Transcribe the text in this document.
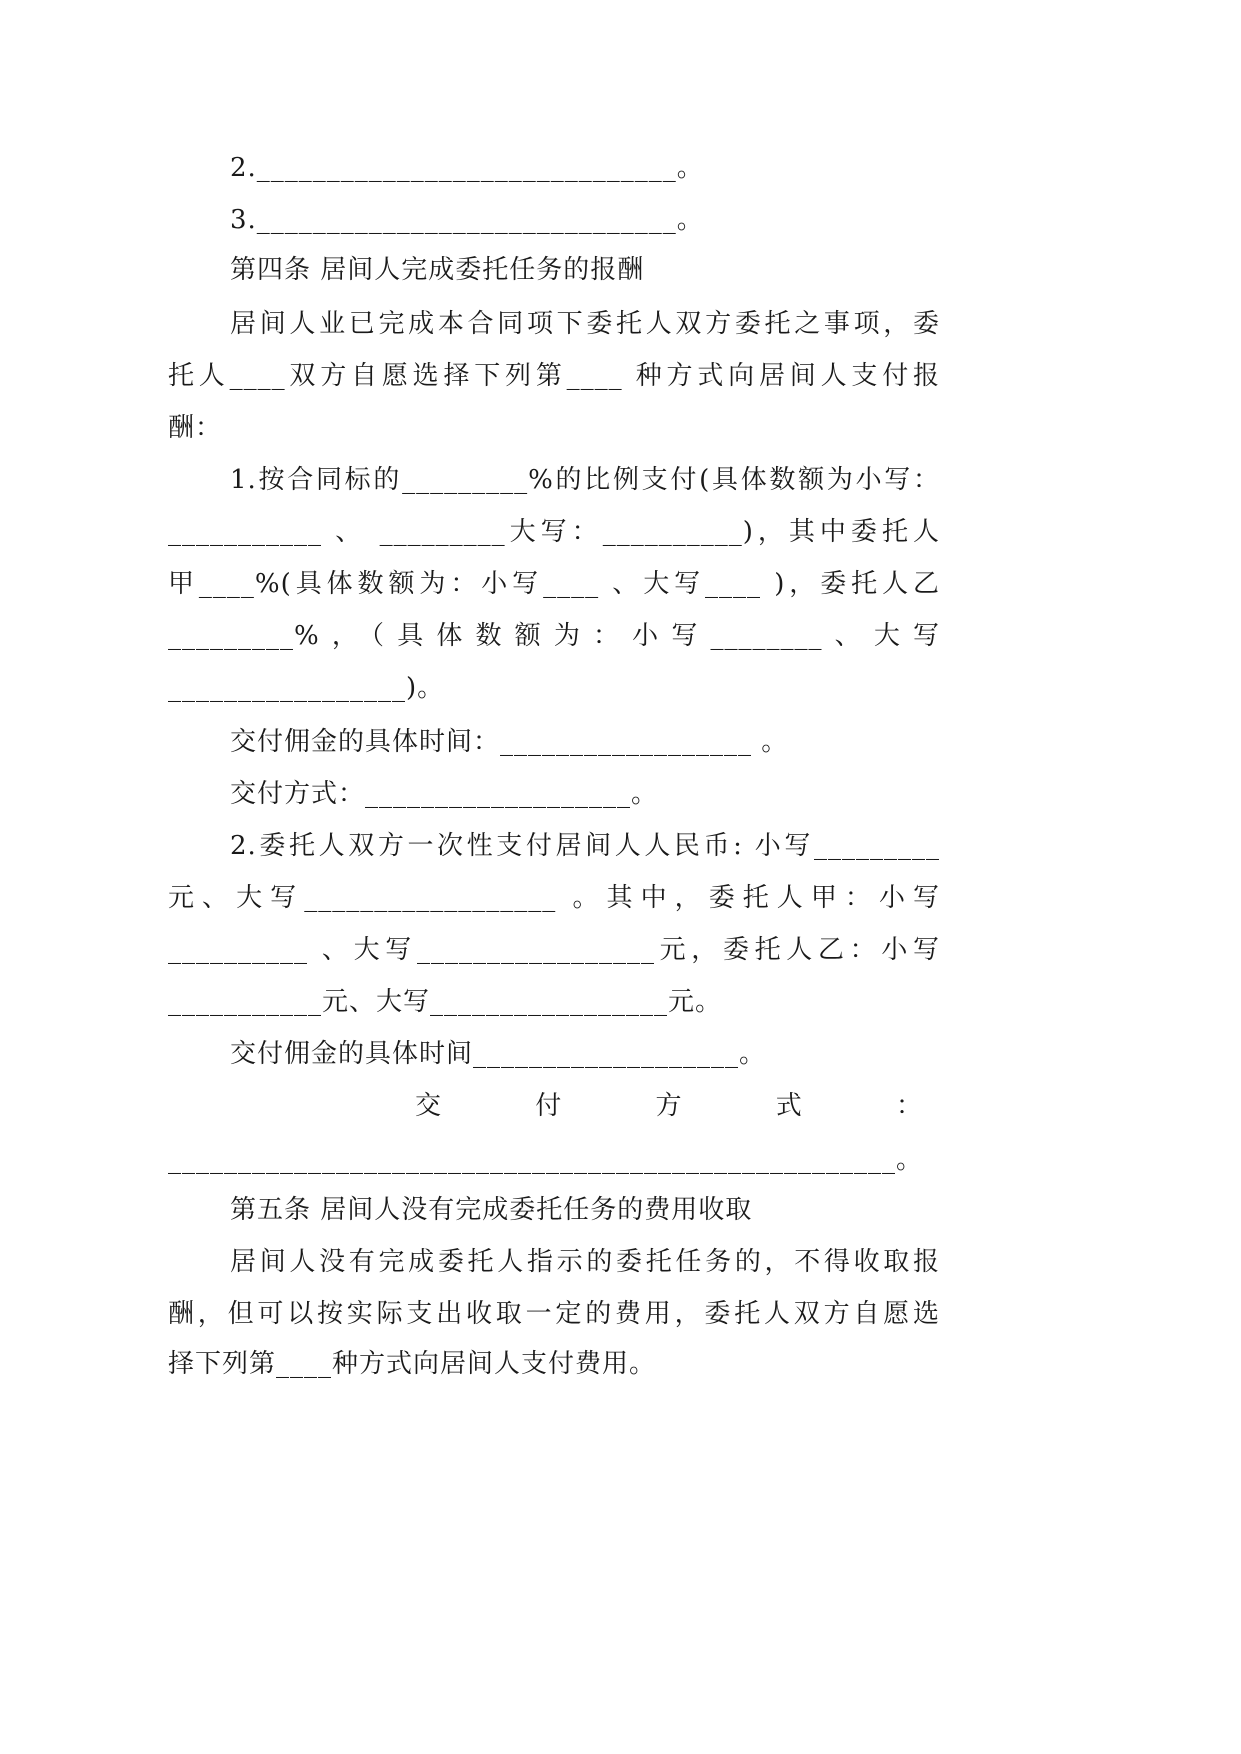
2.______________________________。
3.______________________________。
第四条 居间人完成委托任务的报酬
居间人业已完成本合同项下委托人双方委托之事项，委
托人____双方自愿选择下列第____ 种方式向居间人支付报
酬：
1.按合同标的_________%的比例支付(具体数额为小写：
___________ 、 _________大写：__________)，其中委托人
甲____%(具体数额为：小写____ 、大写____ )，委托人乙
_________%，（具体数额为：小写________、大写
_________________)。
交付佣金的具体时间：__________________ 。
交付方式：___________________。
2.委托人双方一次性支付居间人人民币: 小写_________
元、大写__________________ 。其中，委托人甲：小写
__________ 、大写_________________元，委托人乙：小写
___________元、大写_________________元。
交付佣金的具体时间___________________。
交付方式：
____________________________________________________。
第五条 居间人没有完成委托任务的费用收取
居间人没有完成委托人指示的委托任务的，不得收取报
酬，但可以按实际支出收取一定的费用，委托人双方自愿选
择下列第____种方式向居间人支付费用。
